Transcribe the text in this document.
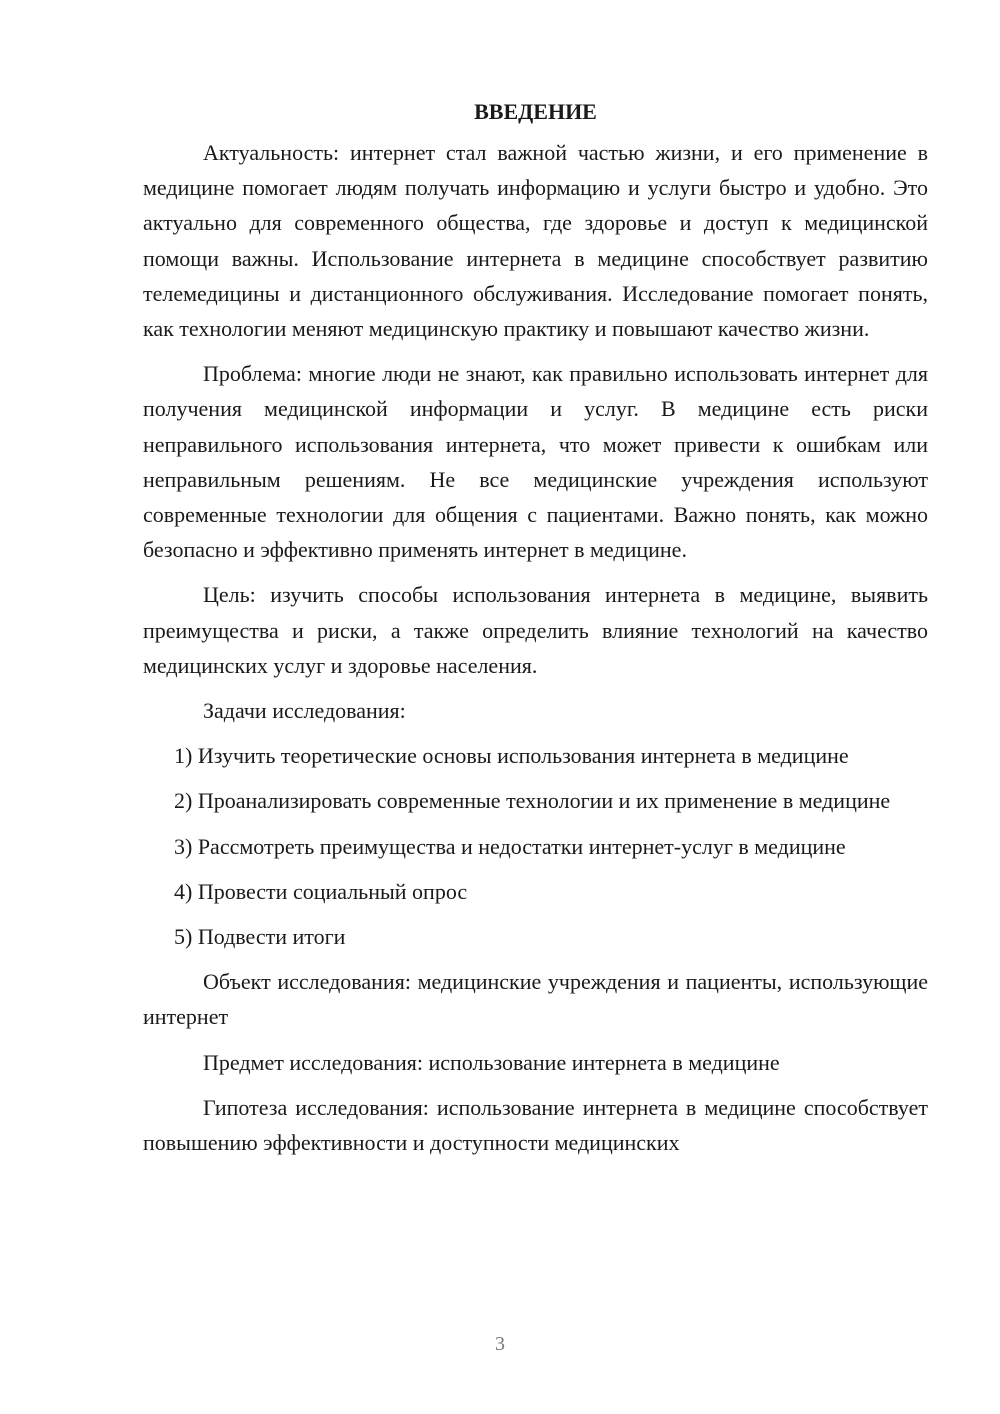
ВВЕДЕНИЕ

Актуальность: интернет стал важной частью жизни, и его применение в медицине помогает людям получать информацию и услуги быстро и удобно. Это актуально для современного общества, где здоровье и доступ к медицинской помощи важны. Использование интернета в медицине способствует развитию телемедицины и дистанционного обслуживания. Исследование помогает понять, как технологии меняют медицинскую практику и повышают качество жизни.

Проблема: многие люди не знают, как правильно использовать интернет для получения медицинской информации и услуг. В медицине есть риски неправильного использования интернета, что может привести к ошибкам или неправильным решениям. Не все медицинские учреждения используют современные технологии для общения с пациентами. Важно понять, как можно безопасно и эффективно применять интернет в медицине.

Цель: изучить способы использования интернета в медицине, выявить преимущества и риски, а также определить влияние технологий на качество медицинских услуг и здоровье населения.

Задачи исследования:

1) Изучить теоретические основы использования интернета в медицине

2) Проанализировать современные технологии и их применение в медицине

3) Рассмотреть преимущества и недостатки интернет-услуг в медицине

4) Провести социальный опрос

5) Подвести итоги

Объект исследования: медицинские учреждения и пациенты, использующие интернет

Предмет исследования: использование интернета в медицине

Гипотеза исследования: использование интернета в медицине способствует повышению эффективности и доступности медицинских

3
